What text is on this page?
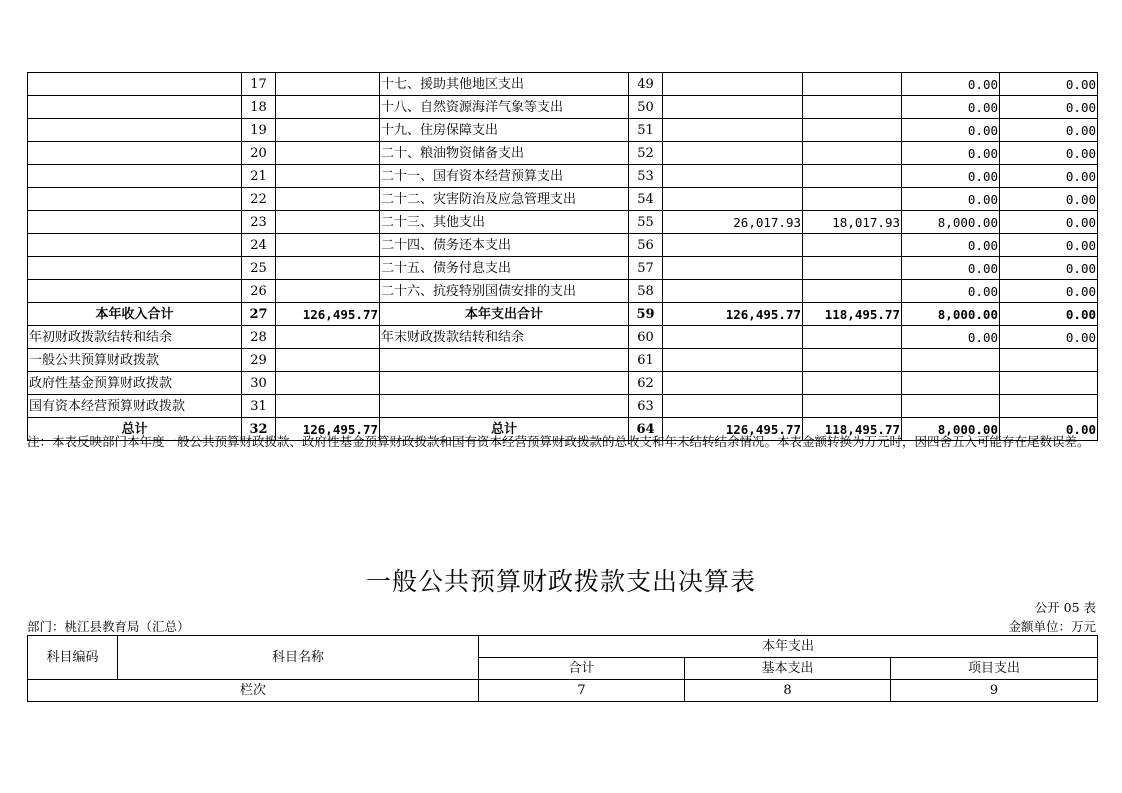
	17		十七、援助其他地区支出	49			0.00	0.00
	18		十八、自然资源海洋气象等支出	50			0.00	0.00
	19		十九、住房保障支出	51			0.00	0.00
	20		二十、粮油物资储备支出	52			0.00	0.00
	21		二十一、国有资本经营预算支出	53			0.00	0.00
	22		二十二、灾害防治及应急管理支出	54			0.00	0.00
	23		二十三、其他支出	55	26,017.93	18,017.93	8,000.00	0.00
	24		二十四、债务还本支出	56			0.00	0.00
	25		二十五、债务付息支出	57			0.00	0.00
	26		二十六、抗疫特别国债安排的支出	58			0.00	0.00
本年收入合计	27	126,495.77	本年支出合计	59	126,495.77	118,495.77	8,000.00	0.00
年初财政拨款结转和结余	28		年末财政拨款结转和结余	60			0.00	0.00
一般公共预算财政拨款	29			61				
政府性基金预算财政拨款	30			62				
国有资本经营预算财政拨款	31			63				
总计	32	126,495.77	总计	64	126,495.77	118,495.77	8,000.00	0.00
注：本表反映部门本年度一般公共预算财政拨款、政府性基金预算财政拨款和国有资本经营预算财政拨款的总收支和年末结转结余情况。本表金额转换为万元时，因四舍五入可能存在尾数误差。
一般公共预算财政拨款支出决算表
公开 05 表
部门：桃江县教育局（汇总）	金额单位：万元
科目编码	科目名称	本年支出		
		合计	基本支出	项目支出
栏次		7	8	9
